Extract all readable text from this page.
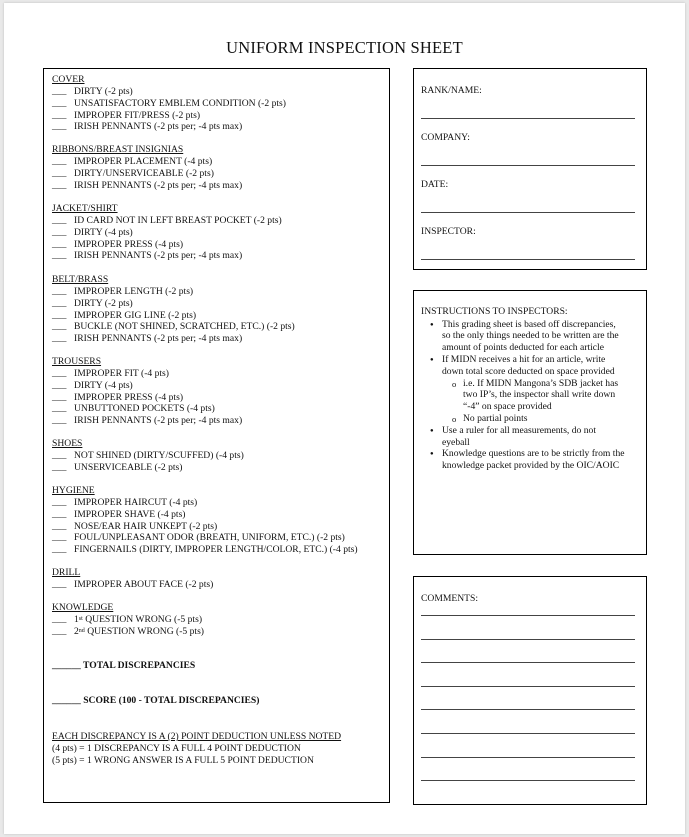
UNIFORM INSPECTION SHEET
COVER
___ DIRTY (-2 pts)
___ UNSATISFACTORY EMBLEM CONDITION (-2 pts)
___ IMPROPER FIT/PRESS (-2 pts)
___ IRISH PENNANTS (-2 pts per; -4 pts max)
RIBBONS/BREAST INSIGNIAS
___ IMPROPER PLACEMENT (-4 pts)
___ DIRTY/UNSERVICEABLE (-2 pts)
___ IRISH PENNANTS (-2 pts per; -4 pts max)
JACKET/SHIRT
___ ID CARD NOT IN LEFT BREAST POCKET (-2 pts)
___ DIRTY (-4 pts)
___ IMPROPER PRESS (-4 pts)
___ IRISH PENNANTS (-2 pts per; -4 pts max)
BELT/BRASS
___ IMPROPER LENGTH (-2 pts)
___ DIRTY (-2 pts)
___ IMPROPER GIG LINE (-2 pts)
___ BUCKLE (NOT SHINED, SCRATCHED, ETC.) (-2 pts)
___ IRISH PENNANTS (-2 pts per; -4 pts max)
TROUSERS
___ IMPROPER FIT (-4 pts)
___ DIRTY (-4 pts)
___ IMPROPER PRESS (-4 pts)
___ UNBUTTONED POCKETS (-4 pts)
___ IRISH PENNANTS (-2 pts per; -4 pts max)
SHOES
___ NOT SHINED (DIRTY/SCUFFED) (-4 pts)
___ UNSERVICEABLE (-2 pts)
HYGIENE
___ IMPROPER HAIRCUT (-4 pts)
___ IMPROPER SHAVE (-4 pts)
___ NOSE/EAR HAIR UNKEPT (-2 pts)
___ FOUL/UNPLEASANT ODOR (BREATH, UNIFORM, ETC.) (-2 pts)
___ FINGERNAILS (DIRTY, IMPROPER LENGTH/COLOR, ETC.) (-4 pts)
DRILL
___ IMPROPER ABOUT FACE (-2 pts)
KNOWLEDGE
___ 1st QUESTION WRONG (-5 pts)
___ 2nd QUESTION WRONG (-5 pts)
______ TOTAL DISCREPANCIES
______ SCORE (100 - TOTAL DISCREPANCIES)
EACH DISCREPANCY IS A (2) POINT DEDUCTION UNLESS NOTED
(4 pts) = 1 DISCREPANCY IS A FULL 4 POINT DEDUCTION
(5 pts) = 1 WRONG ANSWER IS A FULL 5 POINT DEDUCTION
RANK/NAME:
COMPANY:
DATE:
INSPECTOR:
INSTRUCTIONS TO INSPECTORS:
● This grading sheet is based off discrepancies,
so the only things needed to be written are the
amount of points deducted for each article
● If MIDN receives a hit for an article, write
down total score deducted on space provided
o i.e. If MIDN Mangona’s SDB jacket has
two IP’s, the inspector shall write down
“-4” on space provided
o No partial points
● Use a ruler for all measurements, do not
eyeball
● Knowledge questions are to be strictly from the
knowledge packet provided by the OIC/AOIC
COMMENTS:
